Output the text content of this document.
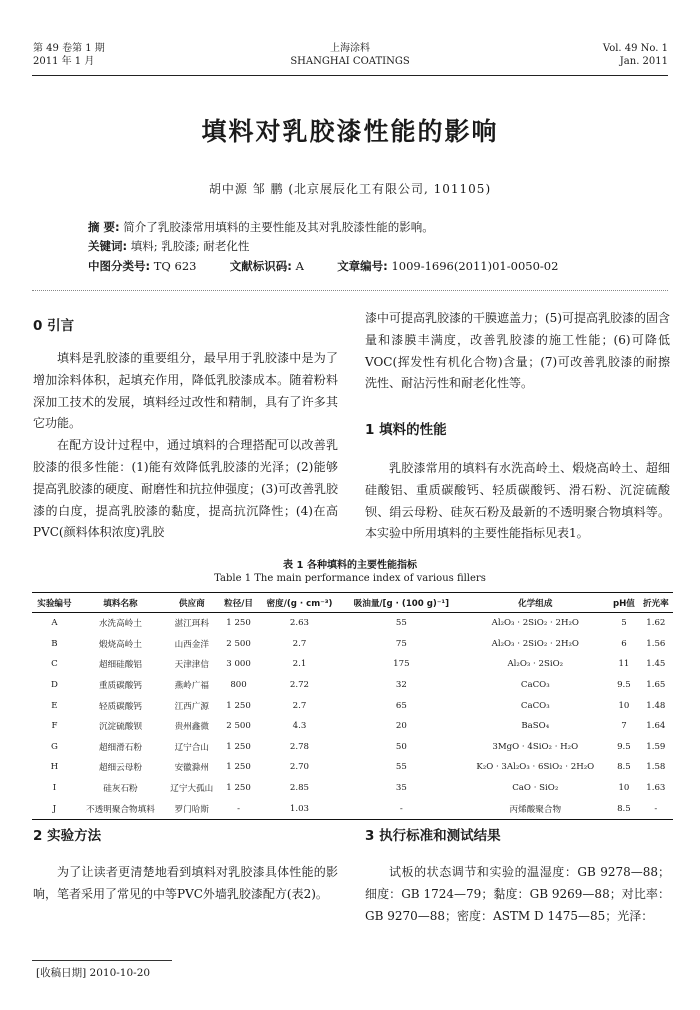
第 49 卷第 1 期
2011 年 1 月
上海涂料
SHANGHAI COATINGS
Vol. 49 No. 1
Jan. 2011
填料对乳胶漆性能的影响
胡中源 邹 鹏 (北京展辰化工有限公司, 101105)
摘 要: 简介了乳胶漆常用填料的主要性能及其对乳胶漆性能的影响。
关键词: 填料; 乳胶漆; 耐老化性
中图分类号: TQ 623	文献标识码: A	文章编号: 1009-1696(2011)01-0050-02
0 引言

填料是乳胶漆的重要组分，最早用于乳胶漆中是为了增加涂料体积，起填充作用，降低乳胶漆成本。随着粉料深加工技术的发展，填料经过改性和精制，具有了许多其它功能。

在配方设计过程中，通过填料的合理搭配可以改善乳胶漆的很多性能：(1)能有效降低乳胶漆的光泽；(2)能够提高乳胶漆的硬度、耐磨性和抗拉伸强度；(3)可改善乳胶漆的白度，提高乳胶漆的黏度，提高抗沉降性；(4)在高PVC(颜料体积浓度)乳胶

漆中可提高乳胶漆的干膜遮盖力；(5)可提高乳胶漆的固含量和漆膜丰满度，改善乳胶漆的施工性能；(6)可降低VOC(挥发性有机化合物)含量；(7)可改善乳胶漆的耐擦洗性、耐沾污性和耐老化性等。

1 填料的性能

乳胶漆常用的填料有水洗高岭土、煅烧高岭土、超细硅酸铝、重质碳酸钙、轻质碳酸钙、滑石粉、沉淀硫酸钡、绢云母粉、硅灰石粉及最新的不透明聚合物填料等。本实验中所用填料的主要性能指标见表1。

表 1 各种填料的主要性能指标
Table 1 The main performance index of various fillers
实验编号	填料名称	供应商	粒径/目	密度/(g · cm⁻³)	吸油量/[g · (100 g)⁻¹]	化学组成	pH值	折光率
A	水洗高岭土	湛江珥科	1 250	2.63	55	Al₂O₃ · 2SiO₂ · 2H₂O	5	1.62
B	煅烧高岭土	山西金洋	2 500	2.7	75	Al₂O₃ · 2SiO₂ · 2H₂O	6	1.56
C	超细硅酸铝	天津津信	3 000	2.1	175	Al₂O₃ · 2SiO₂	11	1.45
D	重质碳酸钙	燕岭广福	800	2.72	32	CaCO₃	9.5	1.65
E	轻质碳酸钙	江西广源	1 250	2.7	65	CaCO₃	10	1.48
F	沉淀硫酸钡	贵州鑫微	2 500	4.3	20	BaSO₄	7	1.64
G	超细滑石粉	辽宁合山	1 250	2.78	50	3MgO · 4SiO₂ · H₂O	9.5	1.59
H	超细云母粉	安徽滁州	1 250	2.70	55	K₂O · 3Al₂O₃ · 6SiO₂ · 2H₂O	8.5	1.58
I	硅灰石粉	辽宁大孤山	1 250	2.85	35	CaO · SiO₂	10	1.63
J	不透明聚合物填料	罗门哈斯	-	1.03	-	丙烯酸聚合物	8.5	-
2 实验方法

为了让读者更清楚地看到填料对乳胶漆具体性能的影响，笔者采用了常见的中等PVC外墙乳胶漆配方(表2)。

[收稿日期] 2010-10-20
3 执行标准和测试结果

试板的状态调节和实验的温湿度：GB 9278—88；细度：GB 1724—79；黏度：GB 9269—88；对比率：GB 9270—88；密度：ASTM D 1475—85；光泽：
